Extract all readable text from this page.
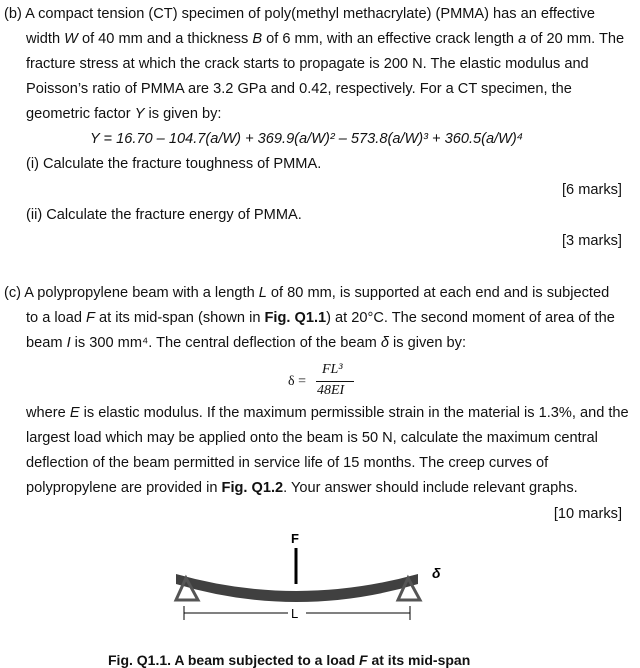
(b) A compact tension (CT) specimen of poly(methyl methacrylate) (PMMA) has an effective
width W of 40 mm and a thickness B of 6 mm, with an effective crack length a of 20 mm. The
fracture stress at which the crack starts to propagate is 200 N. The elastic modulus and
Poisson’s ratio of PMMA are 3.2 GPa and 0.42, respectively. For a CT specimen, the
geometric factor Y is given by:
Y = 16.70 – 104.7(a/W) + 369.9(a/W)² – 573.8(a/W)³ + 360.5(a/W)⁴
(i) Calculate the fracture toughness of PMMA.
[6 marks]
(ii) Calculate the fracture energy of PMMA.
[3 marks]
(c) A polypropylene beam with a length L of 80 mm, is supported at each end and is subjected
to a load F at its mid-span (shown in Fig. Q1.1) at 20°C. The second moment of area of the
beam I is 300 mm⁴. The central deflection of the beam δ is given by:
δ =
FL³
48EI
where E is elastic modulus. If the maximum permissible strain in the material is 1.3%, and the
largest load which may be applied onto the beam is 50 N, calculate the maximum central
deflection of the beam permitted in service life of 15 months. The creep curves of
polypropylene are provided in Fig. Q1.2. Your answer should include relevant graphs.
[10 marks]
F
δ
L
Fig. Q1.1. A beam subjected to a load F at its mid-span
